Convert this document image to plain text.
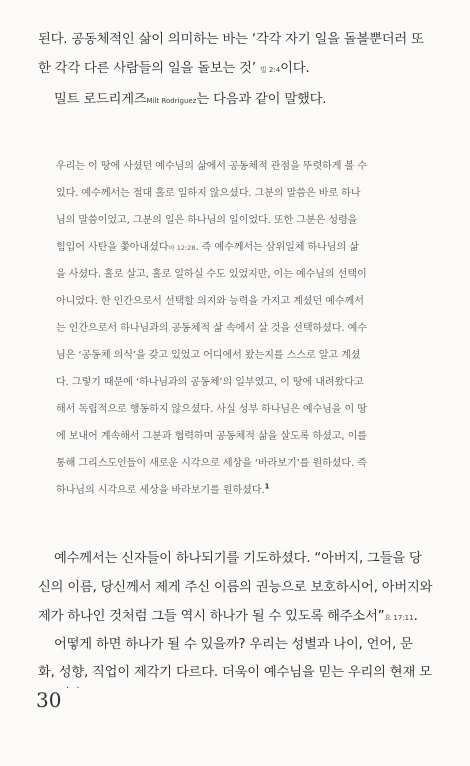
된다. 공동체적인 삶이 의미하는 바는 ‘각각 자기 일을 돌볼뿐더러 또
한 각각 다른 사람들의 일을 돌보는 것’ 빌 2:4이다.
밀트 로드리게즈Milt Rodriguez는 다음과 같이 말했다.
우리는 이 땅에 사셨던 예수님의 삶에서 공동체적 관점을 뚜렷하게 볼 수
있다. 예수께서는 절대 홀로 일하지 않으셨다. 그분의 말씀은 바로 하나
님의 말씀이었고, 그분의 일은 하나님의 일이었다. 또한 그분은 성령을
힘입어 사탄을 쫓아내셨다마 12:28. 즉 예수께서는 삼위일체 하나님의 삶
을 사셨다. 홀로 살고, 홀로 일하실 수도 있었지만, 이는 예수님의 선택이
아니었다. 한 인간으로서 선택할 의지와 능력을 가지고 계셨던 예수께서
는 인간으로서 하나님과의 공동체적 삶 속에서 살 것을 선택하셨다. 예수
님은 ‘공동체 의식’을 갖고 있었고 어디에서 왔는지를 스스로 알고 계셨
다. 그렇기 때문에 ‘하나님과의 공동체’의 일부였고, 이 땅에 내려왔다고
해서 독립적으로 행동하지 않으셨다. 사실 성부 하나님은 예수님을 이 땅
에 보내어 계속해서 그분과 협력하며 공동체적 삶을 살도록 하셨고, 이를
통해 그리스도인들이 새로운 시각으로 세상을 ‘바라보기’를 원하셨다. 즉
하나님의 시각으로 세상을 바라보기를 원하셨다.$^1$
예수께서는 신자들이 하나되기를 기도하셨다. “아버지, 그들을 당
신의 이름, 당신께서 제게 주신 이름의 권능으로 보호하시어, 아버지와
제가 하나인 것처럼 그들 역시 하나가 될 수 있도록 해주소서”요 17:11.
어떻게 하면 하나가 될 수 있을까? 우리는 성별과 나이, 언어, 문
화, 성향, 직업이 제각기 다르다. 더욱이 예수님을 믿는 우리의 현재 모
30 · ·
